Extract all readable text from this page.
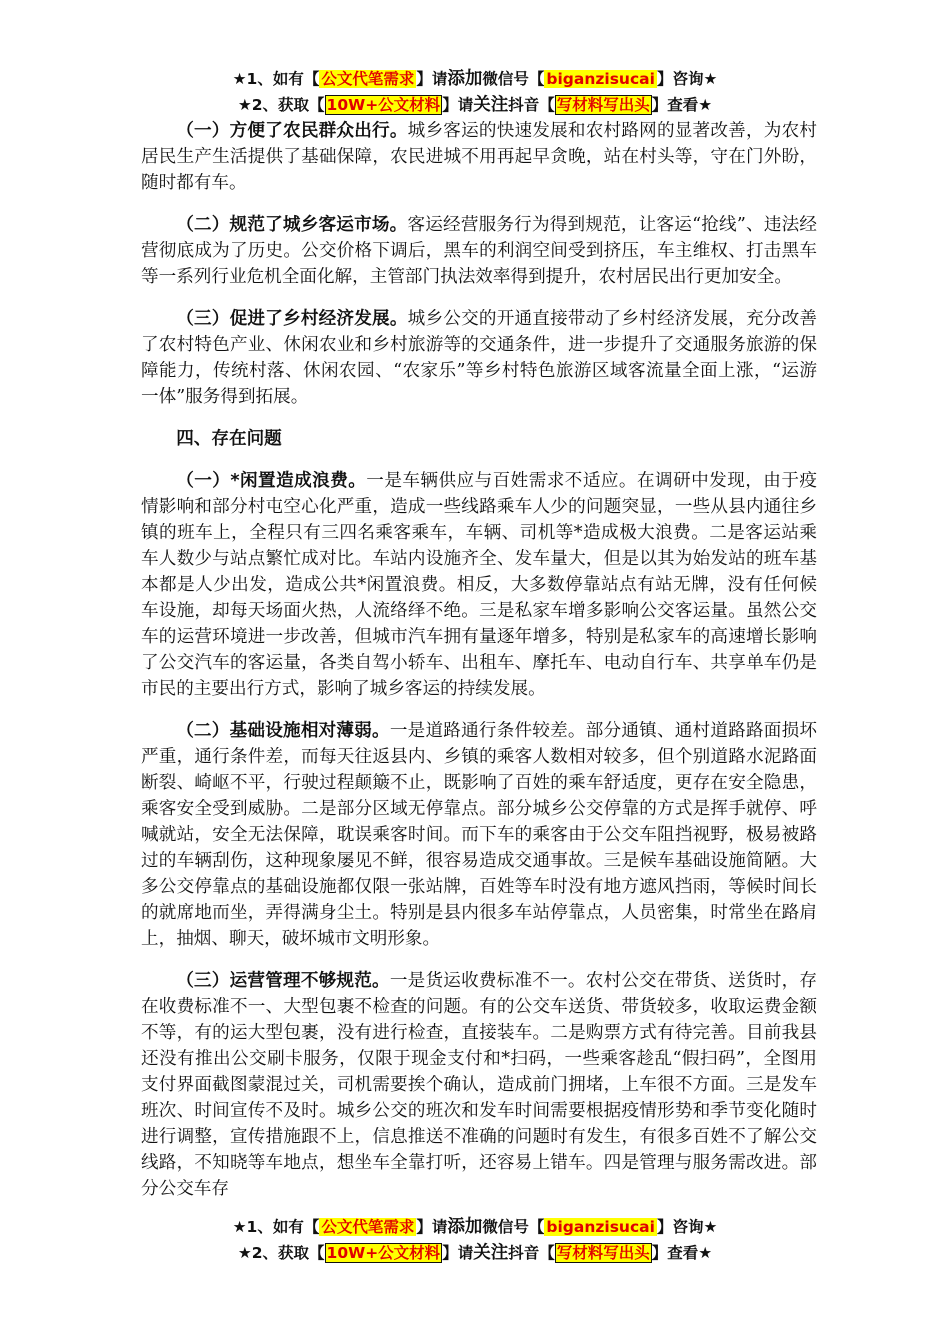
★1、如有【 公文代笔需求 】请添加微信号【 biganzisucai 】咨询★
★2、获取【 10W+公文材料 】请关注抖音【 写材料写出头 】查看★

（一）方便了农民群众出行。城乡客运的快速发展和农村路网的显著改善，为农村居民生产生活提供了基础保障，农民进城不用再起早贪晚，站在村头等，守在门外盼，随时都有车。

（二）规范了城乡客运市场。客运经营服务行为得到规范，让客运“抢线”、违法经营彻底成为了历史。公交价格下调后，黑车的利润空间受到挤压，车主维权、打击黑车等一系列行业危机全面化解，主管部门执法效率得到提升，农村居民出行更加安全。

（三）促进了乡村经济发展。城乡公交的开通直接带动了乡村经济发展，充分改善了农村特色产业、休闲农业和乡村旅游等的交通条件，进一步提升了交通服务旅游的保障能力，传统村落、休闲农园、“农家乐”等乡村特色旅游区域客流量全面上涨，“运游一体”服务得到拓展。

四、存在问题

（一）*闲置造成浪费。一是车辆供应与百姓需求不适应。在调研中发现，由于疫情影响和部分村屯空心化严重，造成一些线路乘车人少的问题突显，一些从县内通往乡镇的班车上，全程只有三四名乘客乘车，车辆、司机等*造成极大浪费。二是客运站乘车人数少与站点繁忙成对比。车站内设施齐全、发车量大，但是以其为始发站的班车基本都是人少出发，造成公共*闲置浪费。相反，大多数停靠站点有站无牌，没有任何候车设施，却每天场面火热，人流络绎不绝。三是私家车增多影响公交客运量。虽然公交车的运营环境进一步改善，但城市汽车拥有量逐年增多，特别是私家车的高速增长影响了公交汽车的客运量，各类自驾小轿车、出租车、摩托车、电动自行车、共享单车仍是市民的主要出行方式，影响了城乡客运的持续发展。

（二）基础设施相对薄弱。一是道路通行条件较差。部分通镇、通村道路路面损坏严重，通行条件差，而每天往返县内、乡镇的乘客人数相对较多，但个别道路水泥路面断裂、崎岖不平，行驶过程颠簸不止，既影响了百姓的乘车舒适度，更存在安全隐患，乘客安全受到威胁。二是部分区域无停靠点。部分城乡公交停靠的方式是挥手就停、呼喊就站，安全无法保障，耽误乘客时间。而下车的乘客由于公交车阻挡视野，极易被路过的车辆刮伤，这种现象屡见不鲜，很容易造成交通事故。三是候车基础设施简陋。大多公交停靠点的基础设施都仅限一张站牌，百姓等车时没有地方遮风挡雨，等候时间长的就席地而坐，弄得满身尘土。特别是县内很多车站停靠点，人员密集，时常坐在路肩上，抽烟、聊天，破坏城市文明形象。

（三）运营管理不够规范。一是货运收费标准不一。农村公交在带货、送货时，存在收费标准不一、大型包裹不检查的问题。有的公交车送货、带货较多，收取运费金额不等，有的运大型包裹，没有进行检查，直接装车。二是购票方式有待完善。目前我县还没有推出公交刷卡服务，仅限于现金支付和*扫码，一些乘客趁乱“假扫码”，全图用支付界面截图蒙混过关，司机需要挨个确认，造成前门拥堵，上车很不方面。三是发车班次、时间宣传不及时。城乡公交的班次和发车时间需要根据疫情形势和季节变化随时进行调整，宣传措施跟不上，信息推送不准确的问题时有发生，有很多百姓不了解公交线路，不知晓等车地点，想坐车全靠打听，还容易上错车。四是管理与服务需改进。部分公交车存

★1、如有【 公文代笔需求 】请添加微信号【 biganzisucai 】咨询★
★2、获取【 10W+公文材料 】请关注抖音【 写材料写出头 】查看★
